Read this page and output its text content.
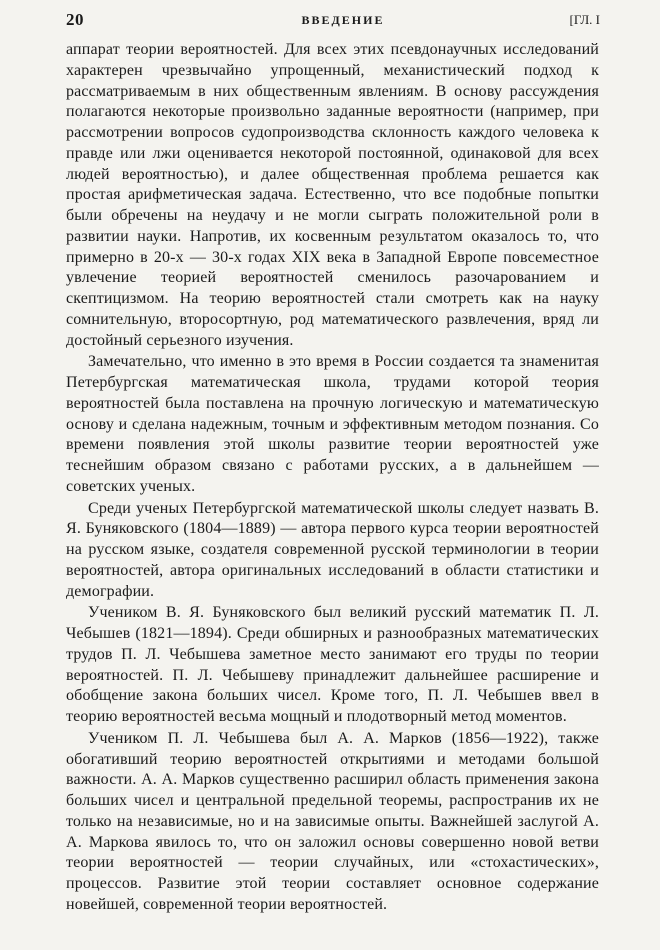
20	ВВЕДЕНИЕ	[ГЛ. I

аппарат теории вероятностей. Для всех этих псевдонаучных исследований характерен чрезвычайно упрощенный, механистический подход к рассматриваемым в них общественным явлениям. В основу рассуждения полагаются некоторые произвольно заданные вероятности (например, при рассмотрении вопросов судопроизводства склонность каждого человека к правде или лжи оценивается некоторой постоянной, одинаковой для всех людей вероятностью), и далее общественная проблема решается как простая арифметическая задача. Естественно, что все подобные попытки были обречены на неудачу и не могли сыграть положительной роли в развитии науки. Напротив, их косвенным результатом оказалось то, что примерно в 20-х — 30-х годах XIX века в Западной Европе повсеместное увлечение теорией вероятностей сменилось разочарованием и скептицизмом. На теорию вероятностей стали смотреть как на науку сомнительную, второсортную, род математического развлечения, вряд ли достойный серьезного изучения.

Замечательно, что именно в это время в России создается та знаменитая Петербургская математическая школа, трудами которой теория вероятностей была поставлена на прочную логическую и математическую основу и сделана надежным, точным и эффективным методом познания. Со времени появления этой школы развитие теории вероятностей уже теснейшим образом связано с работами русских, а в дальнейшем — советских ученых.

Среди ученых Петербургской математической школы следует назвать В. Я. Буняковского (1804—1889) — автора первого курса теории вероятностей на русском языке, создателя современной русской терминологии в теории вероятностей, автора оригинальных исследований в области статистики и демографии.

Учеником В. Я. Буняковского был великий русский математик П. Л. Чебышев (1821—1894). Среди обширных и разнообразных математических трудов П. Л. Чебышева заметное место занимают его труды по теории вероятностей. П. Л. Чебышеву принадлежит дальнейшее расширение и обобщение закона больших чисел. Кроме того, П. Л. Чебышев ввел в теорию вероятностей весьма мощный и плодотворный метод моментов.

Учеником П. Л. Чебышева был А. А. Марков (1856—1922), также обогативший теорию вероятностей открытиями и методами большой важности. А. А. Марков существенно расширил область применения закона больших чисел и центральной предельной теоремы, распространив их не только на независимые, но и на зависимые опыты. Важнейшей заслугой А. А. Маркова явилось то, что он заложил основы совершенно новой ветви теории вероятностей — теории случайных, или «стохастических», процессов. Развитие этой теории составляет основное содержание новейшей, современной теории вероятностей.
